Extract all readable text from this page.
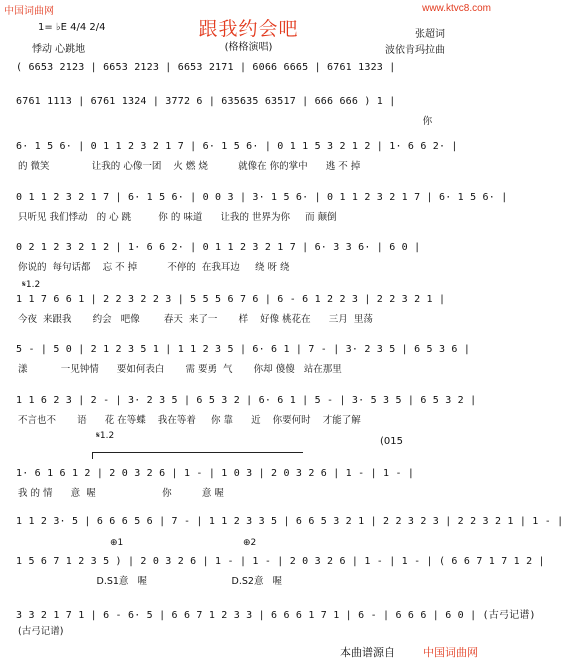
中国词曲网	www.ktvc8.com
跟我约会吧
(格格演唱)
1= ♭E 4/4 2/4
悸动 心跳地
张超词
波依肯玛拉曲
( 6653 2123 | 6653 2123 | 6653 2171 | 6066 6665 | 6761 1323 |
6761 1113 | 6761 1324 | 3772 6 | 635635 63517 | 666 666 ) 1 |
你
6· 1 5 6· | 0 1 1 2 3 2 1 7 | 6· 1 5 6· | 0 1 1 5 3 2 1 2 | 1· 6 6 2· |
的 微笑              让我的 心像一团    火 燃 烧          就像在 你的掌中      逃 不 掉
0 1 1 2 3 2 1 7 | 6· 1 5 6· | 0 0 3 | 3· 1 5 6· | 0 1 1 2 3 2 1 7 | 6· 1 5 6· |
只听见 我们悸动   的 心 跳         你 的 味道      让我的 世界为你     而 颠倒
0 2 1 2 3 2 1 2 | 1· 6 6 2· | 0 1 1 2 3 2 1 7 | 6· 3 3 6· | 6 0 |
你说的  每句话都    忘 不 掉          不停的  在我耳边     绕 呀 绕
1 1 7 6 6 1 | 2 2 3 2 2 3 | 5 5 5 6 7 6 | 6 - 6 1 2 2 3 | 2 2 3 2 1 |
今夜  来跟我       约会   吧像        春天  来了一       样    好像 桃花在      三月  里荡
5 - | 5 0 | 2 1 2 3 5 1 | 1 1 2 3 5 | 6· 6 1 | 7 - | 3· 2 3 5 | 6 5 3 6 |
漾           一见钟情      要如何表白       需 要勇  气       你却 傻傻   站在那里
1 1 6 2 3 | 2 - | 3· 2 3 5 | 6 5 3 2 | 6· 6 1 | 5 - | 3· 5 3 5 | 6 5 3 2 |
不言也不       语      花 在等蝶    我在等着     你 靠      近    你要何时    才能了解
1· 6 1 6 1 2 | 2 0 3 2 6 | 1 - | 1 0 3 | 2 0 3 2 6 | 1 - | 1 - |
我 的 情      意  喔                      你          意 喔
1 1 2 3· 5 | 6 6 6 5 6 | 7 - | 1 1 2 3 3 5 | 6 6 5 3 2 1 | 2 2 3 2 3 | 2 2 3 2 1 | 1 - |
1 5 6 7 1 2 3 5 ) | 2 0 3 2 6 | 1 - | 1 - | 2 0 3 2 6 | 1 - | 1 - | ( 6 6 7 1 7 1 2 |
D.S1意   喔                            D.S2意   喔
3 3 2 1 7 1 | 6 - 6· 5 | 6 6 7 1 2 3 3 | 6 6 6 1 7 1 | 6 - | 6 6 6 | 6 0 | (古弓记谱)
(古弓记谱)
𝄋1.2
𝄋1.2
⊕1	⊕2
(015
本曲谱源自	中国词曲网
